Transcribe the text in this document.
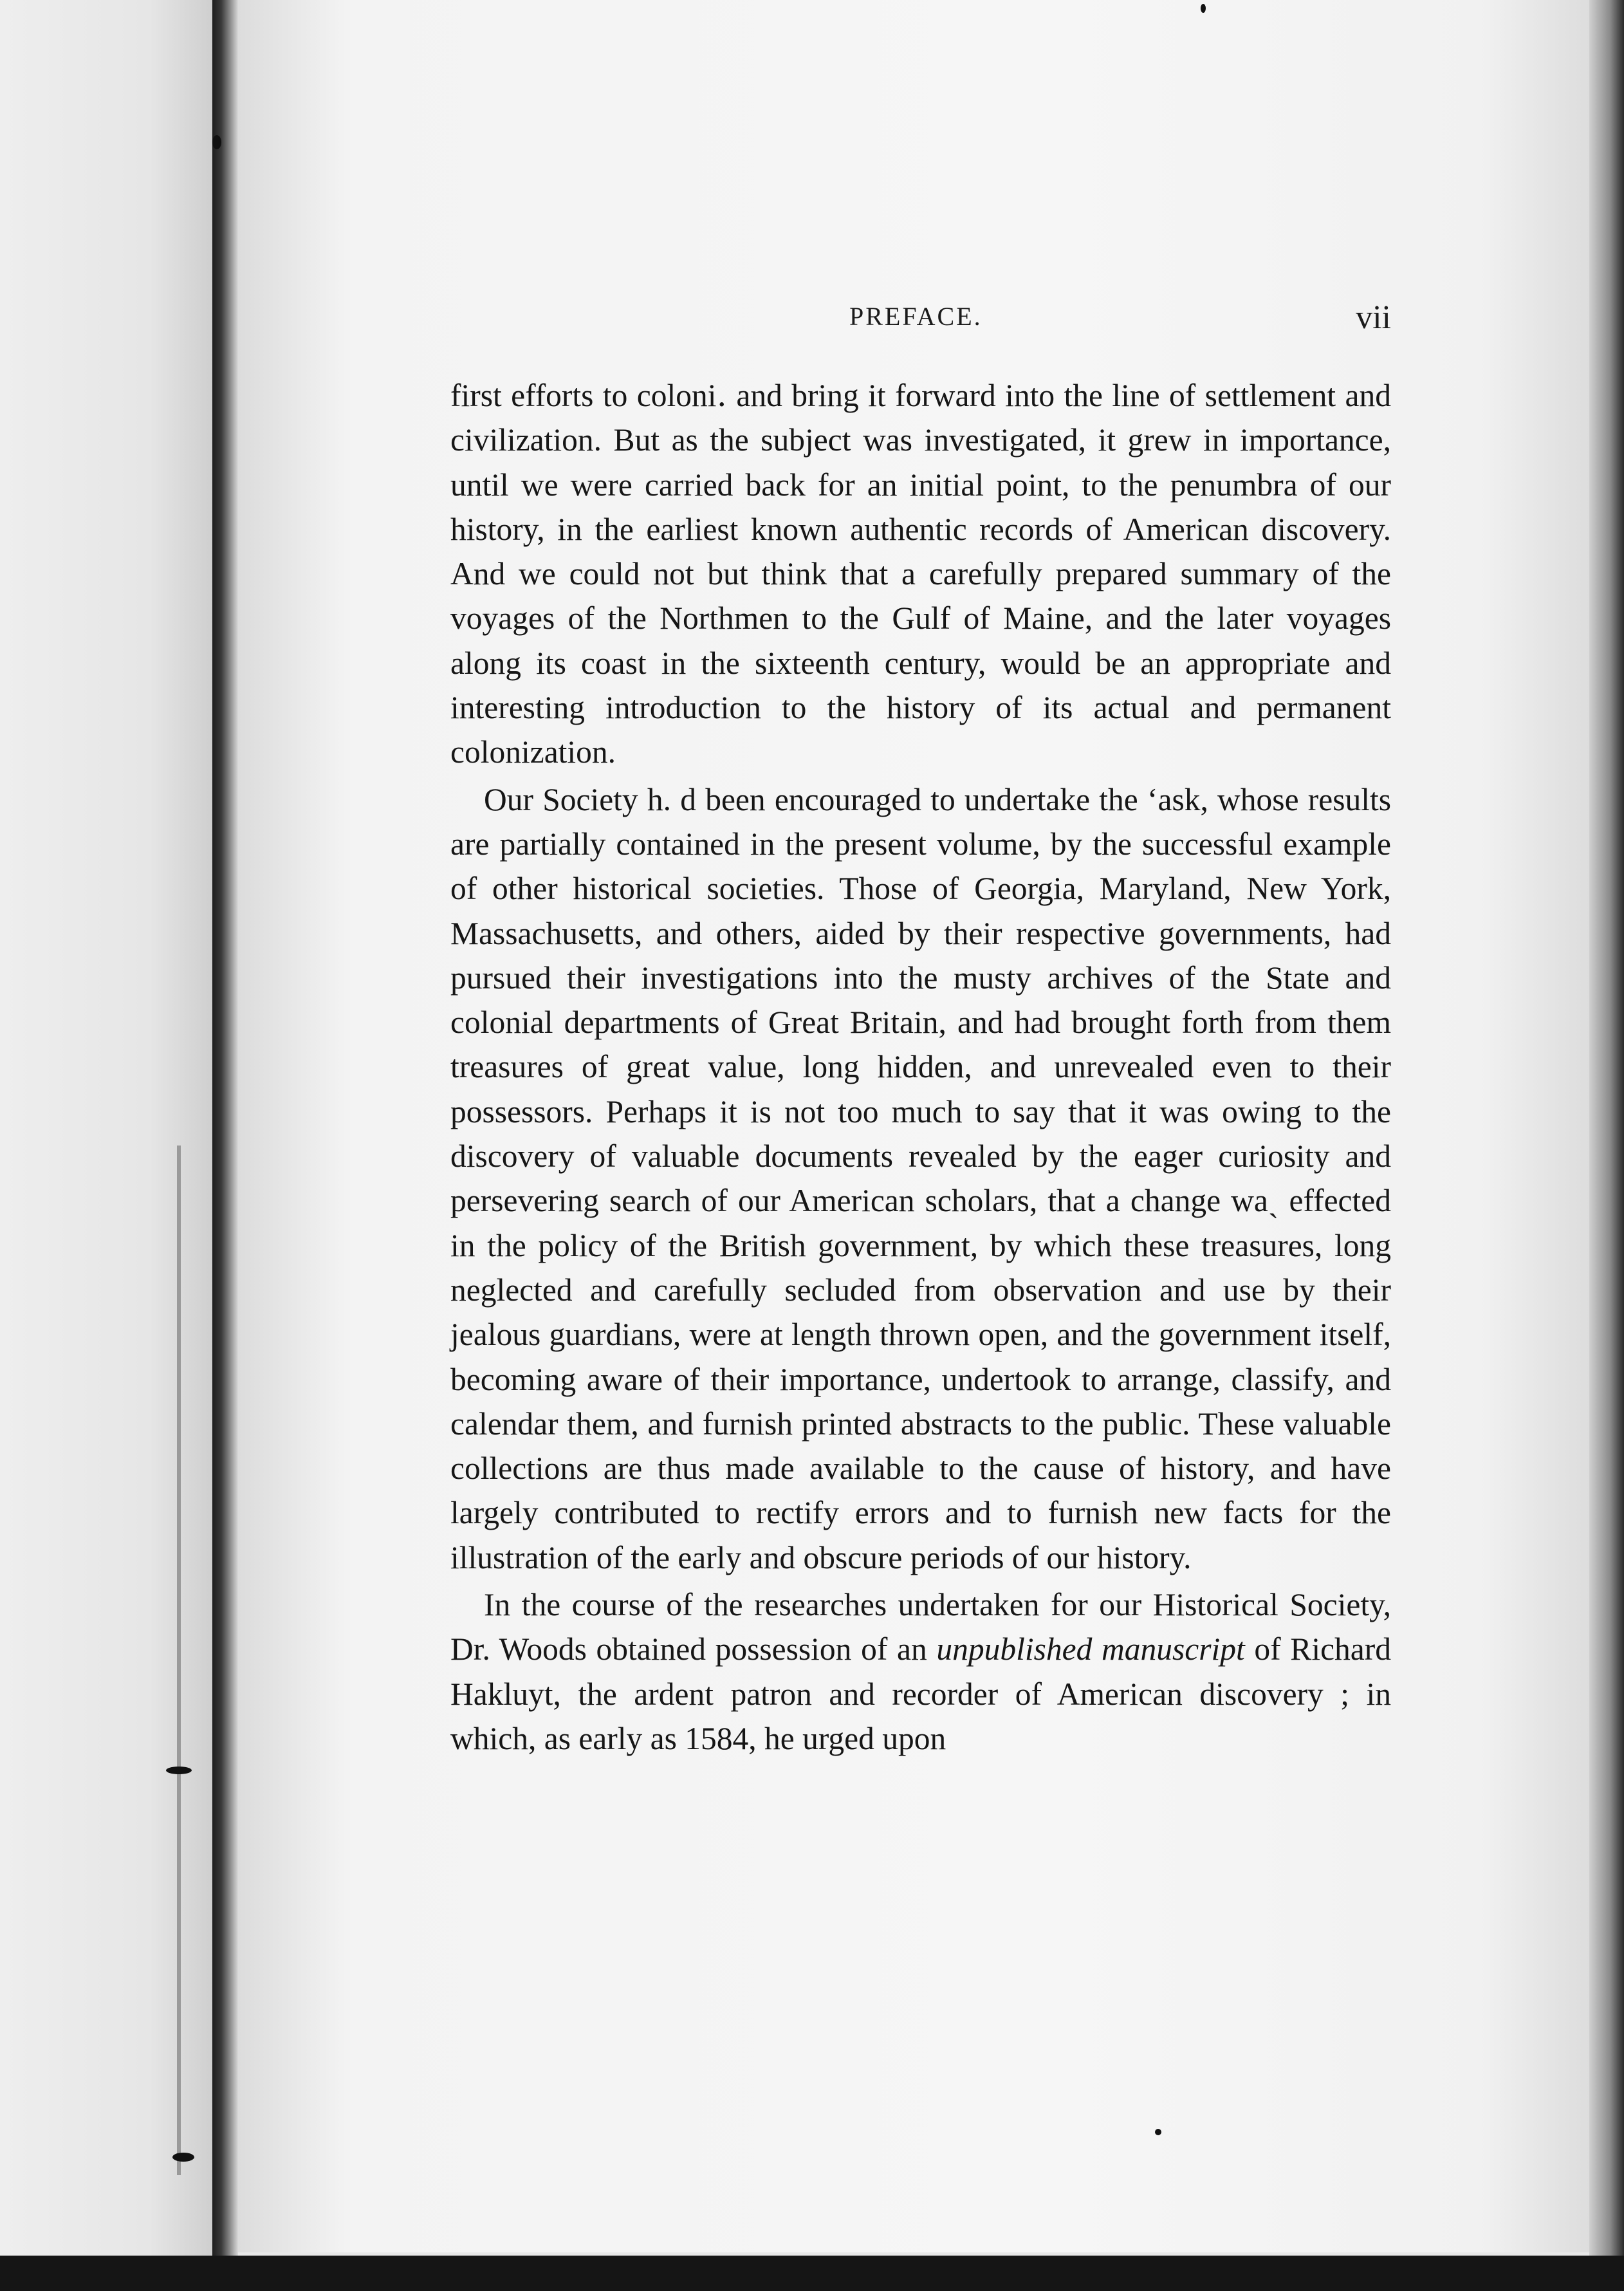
PREFACE.	vii

first efforts to coloni․ and bring it forward into the line of settlement and civilization. But as the subject was investigated, it grew in importance, until we were carried back for an initial point, to the penumbra of our history, in the earliest known authentic records of American discovery. And we could not but think that a carefully prepared summary of the voyages of the Northmen to the Gulf of Maine, and the later voyages along its coast in the sixteenth century, would be an appropriate and interesting introduction to the history of its actual and permanent colonization.

Our Society h. d been encouraged to undertake the ‘ask, whose results are partially contained in the present volume, by the successful example of other historical societies. Those of Georgia, Maryland, New York, Massachusetts, and others, aided by their respective governments, had pursued their investigations into the musty archives of the State and colonial departments of Great Britain, and had brought forth from them treasures of great value, long hidden, and unrevealed even to their possessors. Perhaps it is not too much to say that it was owing to the discovery of valuable documents revealed by the eager curiosity and persevering search of our American scholars, that a change waˎ effected in the policy of the British government, by which these treasures, long neglected and carefully secluded from observation and use by their jealous guardians, were at length thrown open, and the government itself, becoming aware of their importance, undertook to arrange, classify, and calendar them, and furnish printed abstracts to the public. These valuable collections are thus made available to the cause of history, and have largely contributed to rectify errors and to furnish new facts for the illustration of the early and obscure periods of our history.

In the course of the researches undertaken for our Historical Society, Dr. Woods obtained possession of an unpublished manuscript of Richard Hakluyt, the ardent patron and recorder of American discovery ; in which, as early as 1584, he urged upon
